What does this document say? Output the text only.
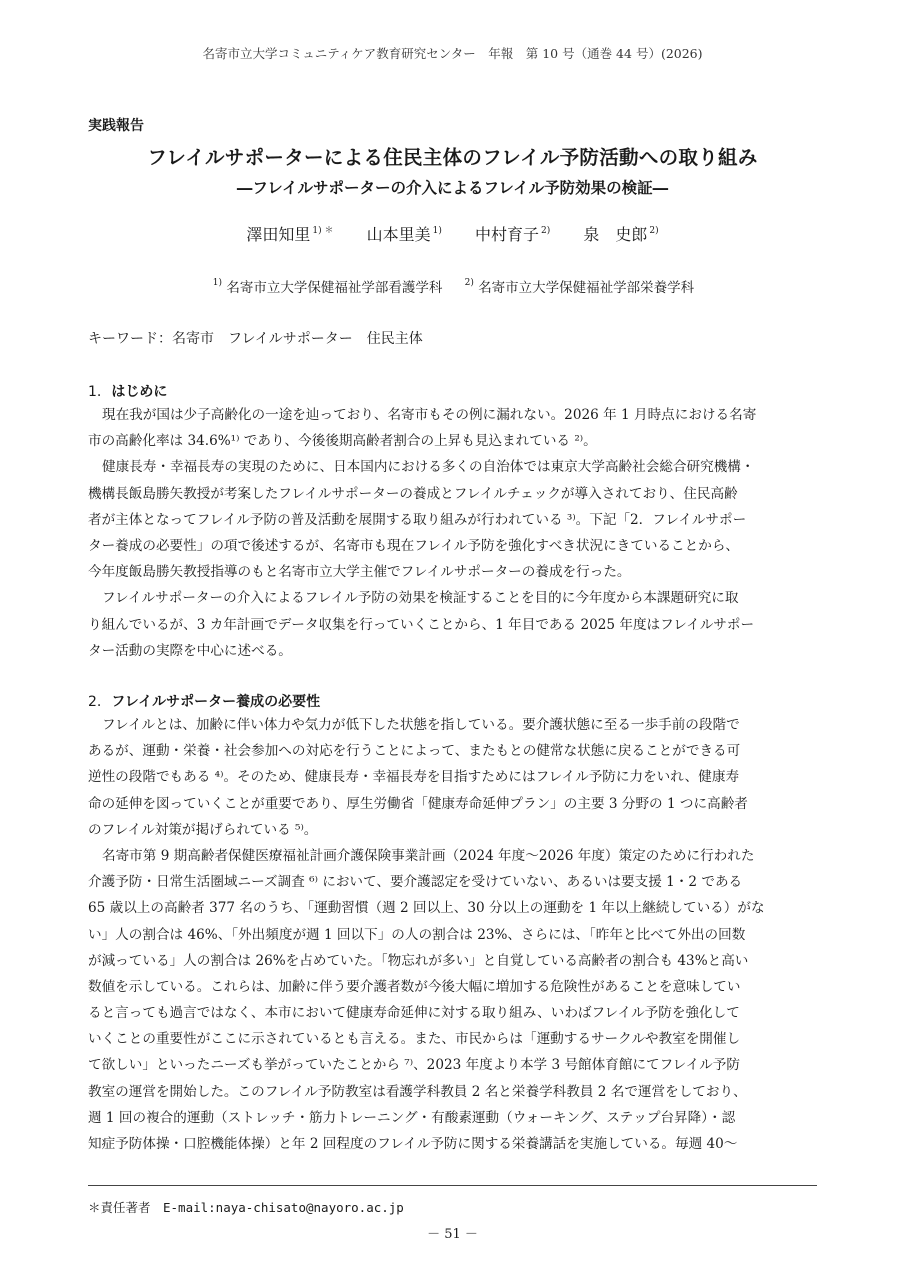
名寄市立大学コミュニティケア教育研究センター　年報　第 10 号（通巻 44 号）(2026)
実践報告
フレイルサポーターによる住民主体のフレイル予防活動への取り組み
―フレイルサポーターの介入によるフレイル予防効果の検証―
澤田知里 $^{1) *}$ 山本里美 $^{1)}$ 中村育子 $^{2)}$ 泉　史郎 $^{2)}$
$^{1)}$ 名寄市立大学保健福祉学部看護学科 $^{2)}$ 名寄市立大学保健福祉学部栄養学科
キーワード：名寄市 フレイルサポーター 住民主体
1. はじめに
現在我が国は少子高齢化の一途を辿っており、名寄市もその例に漏れない。2026 年 1 月時点における名寄
市の高齢化率は 34.6%¹⁾ であり、今後後期高齢者割合の上昇も見込まれている ²⁾。
健康長寿・幸福長寿の実現のために、日本国内における多くの自治体では東京大学高齢社会総合研究機構・
機構長飯島勝矢教授が考案したフレイルサポーターの養成とフレイルチェックが導入されており、住民高齢
者が主体となってフレイル予防の普及活動を展開する取り組みが行われている ³⁾。下記「2．フレイルサポー
ター養成の必要性」の項で後述するが、名寄市も現在フレイル予防を強化すべき状況にきていることから、
今年度飯島勝矢教授指導のもと名寄市立大学主催でフレイルサポーターの養成を行った。
フレイルサポーターの介入によるフレイル予防の効果を検証することを目的に今年度から本課題研究に取
り組んでいるが、3 カ年計画でデータ収集を行っていくことから、1 年目である 2025 年度はフレイルサポー
ター活動の実際を中心に述べる。
2. フレイルサポーター養成の必要性
フレイルとは、加齢に伴い体力や気力が低下した状態を指している。要介護状態に至る一歩手前の段階で
あるが、運動・栄養・社会参加への対応を行うことによって、またもとの健常な状態に戻ることができる可
逆性の段階でもある ⁴⁾。そのため、健康長寿・幸福長寿を目指すためにはフレイル予防に力をいれ、健康寿
命の延伸を図っていくことが重要であり、厚生労働省「健康寿命延伸プラン」の主要 3 分野の 1 つに高齢者
のフレイル対策が掲げられている ⁵⁾。
名寄市第 9 期高齢者保健医療福祉計画介護保険事業計画（2024 年度～2026 年度）策定のために行われた
介護予防・日常生活圏域ニーズ調査 ⁶⁾ において、要介護認定を受けていない、あるいは要支援 1・2 である
65 歳以上の高齢者 377 名のうち、「運動習慣（週 2 回以上、30 分以上の運動を 1 年以上継続している）がな
い」人の割合は 46%、「外出頻度が週 1 回以下」の人の割合は 23%、さらには、「昨年と比べて外出の回数
が減っている」人の割合は 26%を占めていた。「物忘れが多い」と自覚している高齢者の割合も 43%と高い
数値を示している。これらは、加齢に伴う要介護者数が今後大幅に増加する危険性があることを意味してい
ると言っても過言ではなく、本市において健康寿命延伸に対する取り組み、いわばフレイル予防を強化して
いくことの重要性がここに示されているとも言える。また、市民からは「運動するサークルや教室を開催し
て欲しい」といったニーズも挙がっていたことから ⁷⁾、2023 年度より本学 3 号館体育館にてフレイル予防
教室の運営を開始した。このフレイル予防教室は看護学科教員 2 名と栄養学科教員 2 名で運営をしており、
週 1 回の複合的運動（ストレッチ・筋力トレーニング・有酸素運動（ウォーキング、ステップ台昇降）・認
知症予防体操・口腔機能体操）と年 2 回程度のフレイル予防に関する栄養講話を実施している。毎週 40～
＊責任著者　E-mail:naya-chisato@nayoro.ac.jp
－ 51 －
